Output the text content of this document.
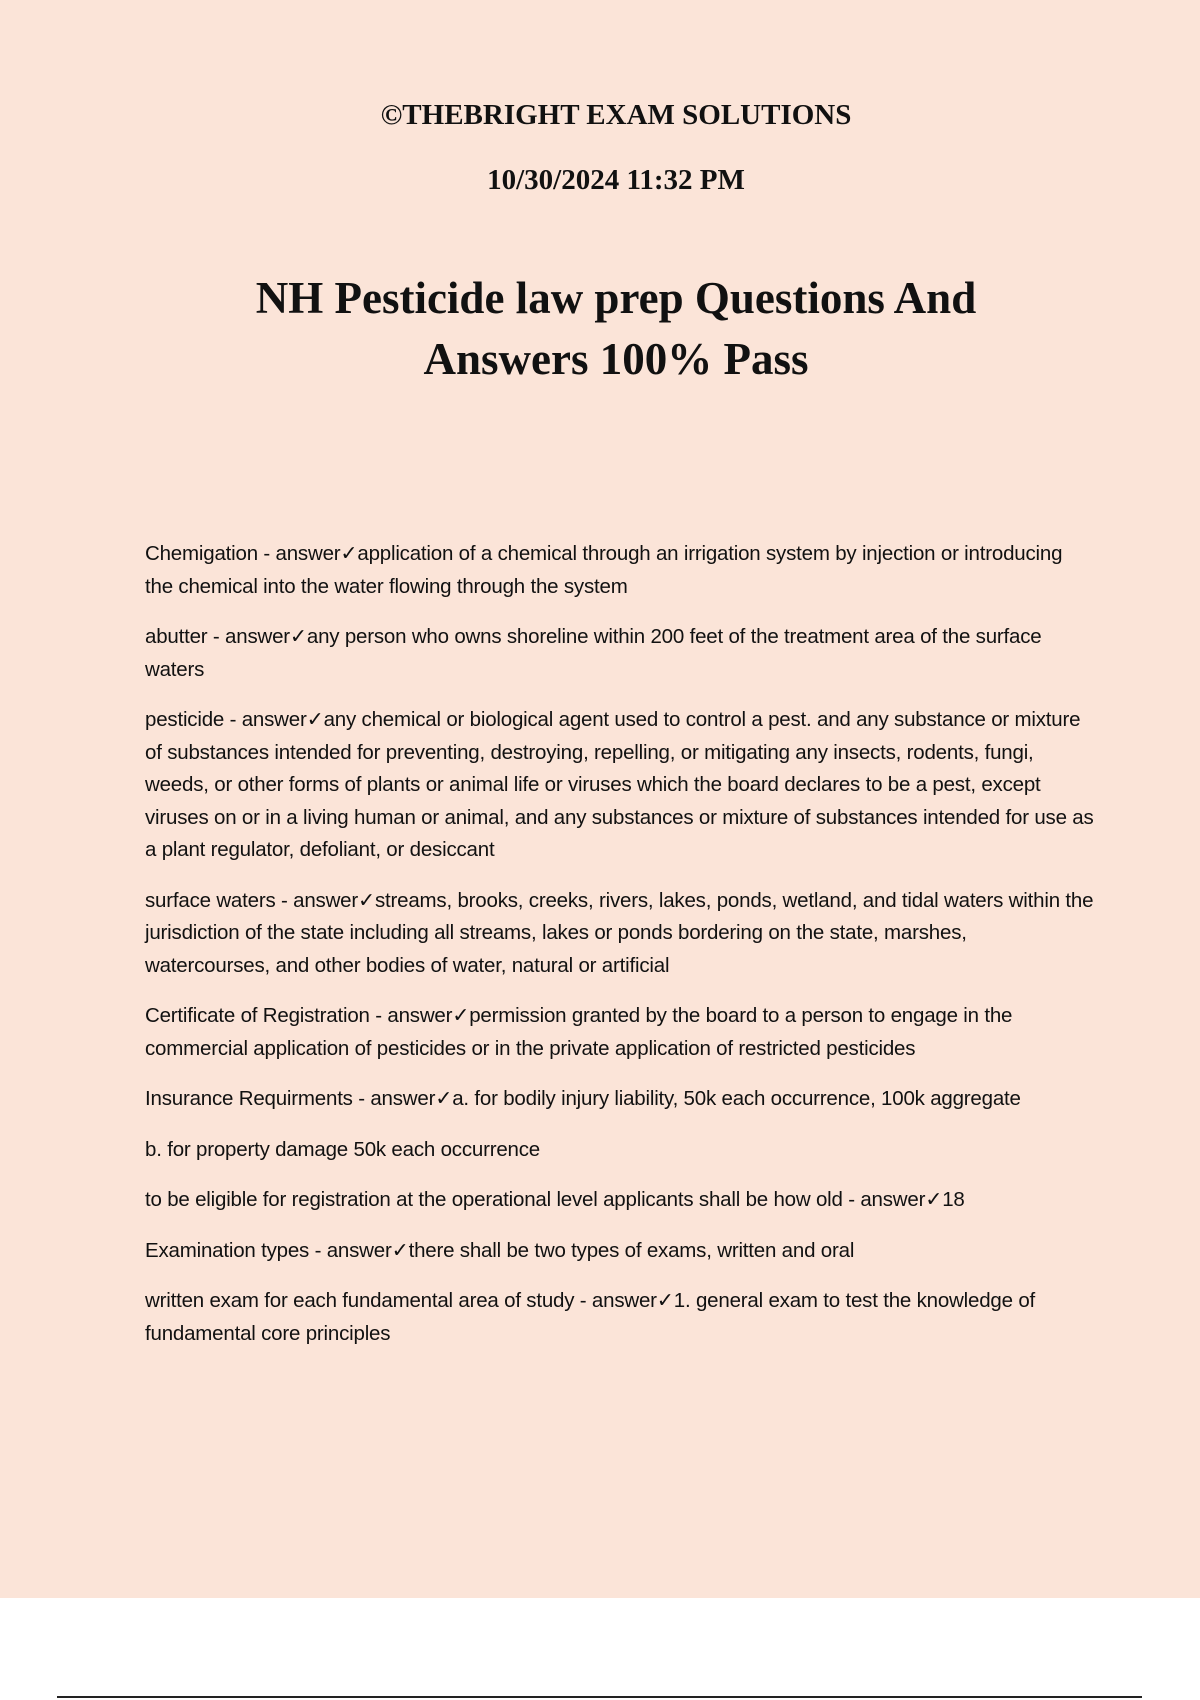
©THEBRIGHT EXAM SOLUTIONS

10/30/2024 11:32 PM

NH Pesticide law prep Questions And Answers 100% Pass
Chemigation - answer✓application of a chemical through an irrigation system by injection or introducing the chemical into the water flowing through the system
abutter - answer✓any person who owns shoreline within 200 feet of the treatment area of the surface waters
pesticide - answer✓any chemical or biological agent used to control a pest. and any substance or mixture of substances intended for preventing, destroying, repelling, or mitigating any insects, rodents, fungi, weeds, or other forms of plants or animal life or viruses which the board declares to be a pest, except viruses on or in a living human or animal, and any substances or mixture of substances intended for use as a plant regulator, defoliant, or desiccant
surface waters - answer✓streams, brooks, creeks, rivers, lakes, ponds, wetland, and tidal waters within the jurisdiction of the state including all streams, lakes or ponds bordering on the state, marshes, watercourses, and other bodies of water, natural or artificial
Certificate of Registration - answer✓permission granted by the board to a person to engage in the commercial application of pesticides or in the private application of restricted pesticides
Insurance Requirments - answer✓a. for bodily injury liability, 50k each occurrence, 100k aggregate
b. for property damage 50k each occurrence
to be eligible for registration at the operational level applicants shall be how old - answer✓18
Examination types - answer✓there shall be two types of exams, written and oral
written exam for each fundamental area of study - answer✓1. general exam to test the knowledge of fundamental core principles
